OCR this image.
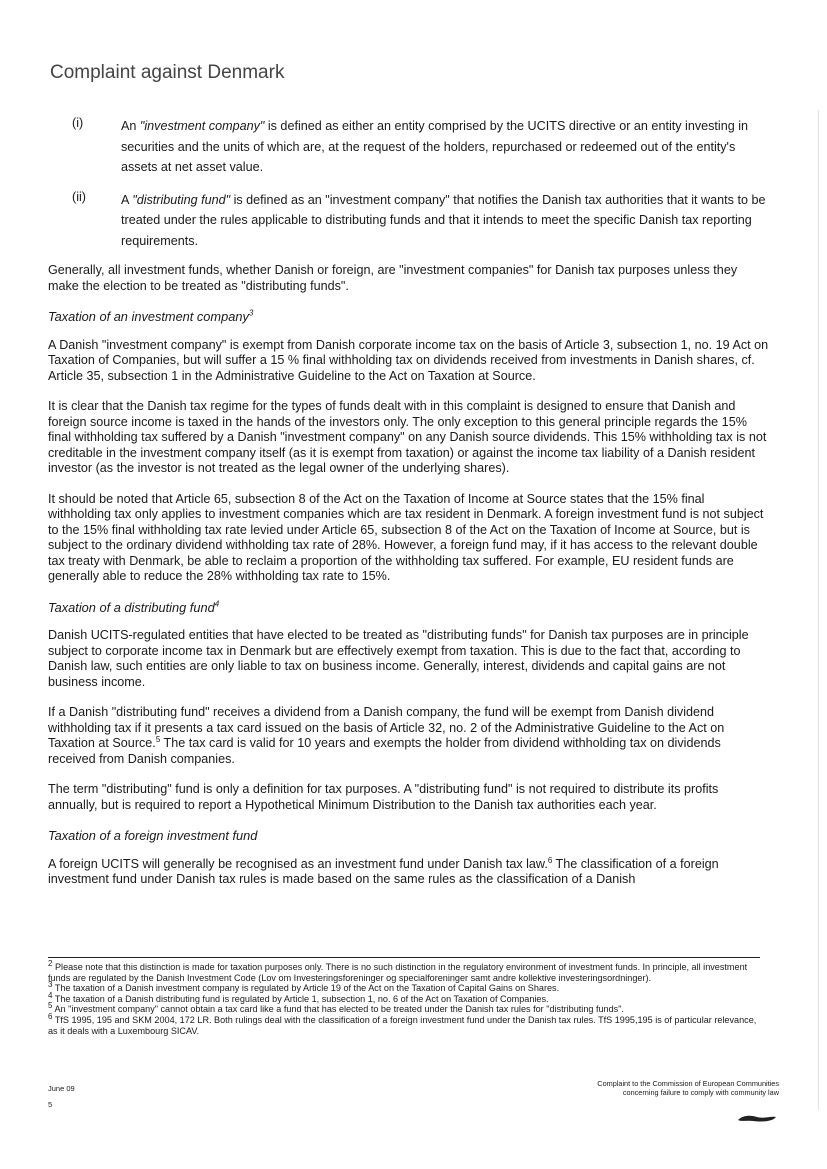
Complaint against Denmark
(i)	An "investment company" is defined as either an entity comprised by the UCITS directive or an entity investing in securities and the units of which are, at the request of the holders, repurchased or redeemed out of the entity's assets at net asset value.
(ii)	A "distributing fund" is defined as an "investment company" that notifies the Danish tax authorities that it wants to be treated under the rules applicable to distributing funds and that it intends to meet the specific Danish tax reporting requirements.

Generally, all investment funds, whether Danish or foreign, are "investment companies" for Danish tax purposes unless they make the election to be treated as "distributing funds".

Taxation of an investment company$^3$

A Danish "investment company" is exempt from Danish corporate income tax on the basis of Article 3, subsection 1, no. 19 Act on Taxation of Companies, but will suffer a 15 % final withholding tax on dividends received from investments in Danish shares, cf. Article 35, subsection 1 in the Administrative Guideline to the Act on Taxation at Source.

It is clear that the Danish tax regime for the types of funds dealt with in this complaint is designed to ensure that Danish and foreign source income is taxed in the hands of the investors only. The only exception to this general principle regards the 15% final withholding tax suffered by a Danish "investment company" on any Danish source dividends. This 15% withholding tax is not creditable in the investment company itself (as it is exempt from taxation) or against the income tax liability of a Danish resident investor (as the investor is not treated as the legal owner of the underlying shares).

It should be noted that Article 65, subsection 8 of the Act on the Taxation of Income at Source states that the 15% final withholding tax only applies to investment companies which are tax resident in Denmark. A foreign investment fund is not subject to the 15% final withholding tax rate levied under Article 65, subsection 8 of the Act on the Taxation of Income at Source, but is subject to the ordinary dividend withholding tax rate of 28%. However, a foreign fund may, if it has access to the relevant double tax treaty with Denmark, be able to reclaim a proportion of the withholding tax suffered. For example, EU resident funds are generally able to reduce the 28% withholding tax rate to 15%.

Taxation of a distributing fund$^4$

Danish UCITS-regulated entities that have elected to be treated as "distributing funds" for Danish tax purposes are in principle subject to corporate income tax in Denmark but are effectively exempt from taxation. This is due to the fact that, according to Danish law, such entities are only liable to tax on business income. Generally, interest, dividends and capital gains are not business income.

If a Danish "distributing fund" receives a dividend from a Danish company, the fund will be exempt from Danish dividend withholding tax if it presents a tax card issued on the basis of Article 32, no. 2 of the Administrative Guideline to the Act on Taxation at Source.$^5$ The tax card is valid for 10 years and exempts the holder from dividend withholding tax on dividends received from Danish companies.

The term "distributing" fund is only a definition for tax purposes. A "distributing fund" is not required to distribute its profits annually, but is required to report a Hypothetical Minimum Distribution to the Danish tax authorities each year.

Taxation of a foreign investment fund

A foreign UCITS will generally be recognised as an investment fund under Danish tax law.$^6$ The classification of a foreign investment fund under Danish tax rules is made based on the same rules as the classification of a Danish

$^2$ Please note that this distinction is made for taxation purposes only. There is no such distinction in the regulatory environment of investment funds. In principle, all investment funds are regulated by the Danish Investment Code (Lov om Investeringsforeninger og specialforeninger samt andre kollektive investeringsordninger).
$^3$ The taxation of a Danish investment company is regulated by Article 19 of the Act on the Taxation of Capital Gains on Shares.
$^4$ The taxation of a Danish distributing fund is regulated by Article 1, subsection 1, no. 6 of the Act on Taxation of Companies.
$^5$ An "investment company" cannot obtain a tax card like a fund that has elected to be treated under the Danish tax rules for "distributing funds".
$^6$ TfS 1995, 195 and SKM 2004, 172 LR. Both rulings deal with the classification of a foreign investment fund under the Danish tax rules. TfS 1995,195 is of particular relevance, as it deals with a Luxembourg SICAV.
June 09
5
Complaint to the Commission of European Communities
concerning failure to comply with community law
